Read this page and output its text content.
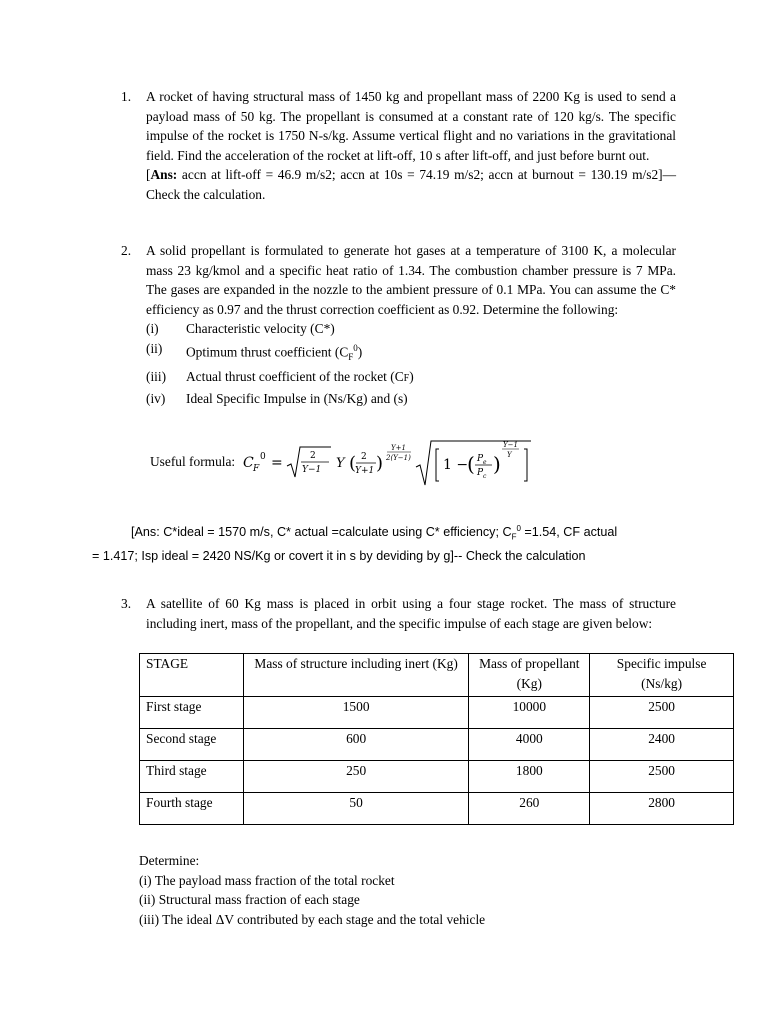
1. A rocket of having structural mass of 1450 kg and propellant mass of 2200 Kg is used to send a payload mass of 50 kg. The propellant is consumed at a constant rate of 120 kg/s. The specific impulse of the rocket is 1750 N-s/kg. Assume vertical flight and no variations in the gravitational field. Find the acceleration of the rocket at lift-off, 10 s after lift-off, and just before burnt out.

[Ans: accn at lift-off = 46.9 m/s2; accn at 10s = 74.19 m/s2; accn at burnout = 130.19 m/s2]—Check the calculation.

2. A solid propellant is formulated to generate hot gases at a temperature of 3100 K, a molecular mass 23 kg/kmol and a specific heat ratio of 1.34. The combustion chamber pressure is 7 MPa. The gases are expanded in the nozzle to the ambient pressure of 0.1 MPa. You can assume the C* efficiency as 0.97 and the thrust correction coefficient as 0.92. Determine the following:

(i)	Characteristic velocity (C*)
(ii)	Optimum thrust coefficient $(C_F^0)$
(iii)	Actual thrust coefficient of the rocket (CF)
(iv)	Ideal Specific Impulse in (Ns/Kg) and (s)
Useful formula: C F
0 =	2
Υ−1 Υ ( 2
Υ+1 )
Υ+1
2(Υ−1) 1 −
( P e
P c
)
Υ−1
Υ
[Ans: C*ideal = 1570 m/s, C* actual =calculate using C* efficiency; $C_F^0 =1.54$, CF actual
= 1.417; Isp ideal = 2420 NS/Kg or covert it in s by deviding by g]-- Check the calculation
3. A satellite of 60 Kg mass is placed in orbit using a four stage rocket. The mass of structure including inert, mass of the propellant, and the specific impulse of each stage are given below:

STAGE	Mass of structure including inert (Kg)	Mass of propellant (Kg)	Specific impulse (Ns/kg)
First stage	1500	10000	2500
Second stage	600	4000	2400
Third stage	250	1800	2500
Fourth stage	50	260	2800

Determine:

(i) The payload mass fraction of the total rocket

(ii) Structural mass fraction of each stage

(iii) The ideal ΔV contributed by each stage and the total vehicle
